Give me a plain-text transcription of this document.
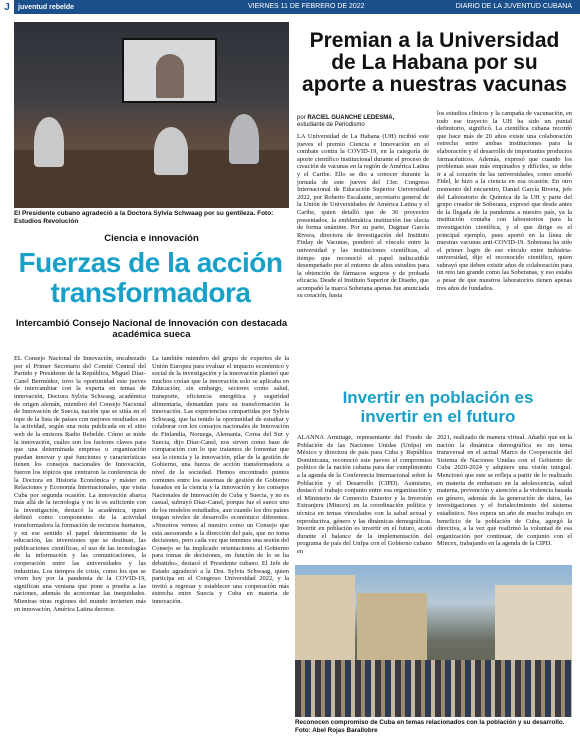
J	juventud rebelde	VIERNES 11 DE FEBRERO DE 2022	DIARIO DE LA JUVENTUD CUBANA
El Presidente cubano agradeció a la Doctora Sylvia Schwaag por su gentileza. Foto: Estudios Revolución
Ciencia e innovación
Fuerzas de la acción transformadora
Intercambió Consejo Nacional de Innovación con destacada académica sueca
EL Consejo Nacional de Innovación, encabezado por el Primer Secretario del Comité Central del Partido y Presidente de la República, Miguel Díaz-Canel Bermúdez, tuvo la oportunidad este jueves de intercambiar con la experta en temas de innovación, Doctora Sylvia Schwaag, académica de origen alemán, miembro del Consejo Nacional de Innovación de Suecia, nación que se sitúa en el tope de la lista de países con mejores resultados en la actividad, según una nota publicada en el sitio web de la emisora Radio Rebelde. Cómo se mide la innovación, cuáles son los factores claves para que una determinada empresa u organización puedan innovar y qué funciones y características tienen los consejos nacionales de Innovación, fueron los tópicos que centraron la conferencia de la Doctora en Historia Económica y máster en Relaciones y Economía Internacionales, que visita Cuba por segunda ocasión. La innovación abarca más allá de la tecnología y no le es suficiente con la investigación, destacó la académica, quien definió como componentes de la actividad transformadora la formación de recursos humanos, y en ese sentido el papel determinante de la educación, las inversiones que se destinan, las publicaciones científicas, el uso de las tecnologías de la información y las comunicaciones, la cooperación entre las universidades y las industrias. Los tiempos de crisis, como los que se viven hoy por la pandemia de la COVID-19, significan una ventana que pone a prueba a las naciones, además de acrecentar las inequidades. Mientras otras regiones del mundo invierten más en innovación, América Latina decrece.
La también miembro del grupo de expertos de la Unión Europea para evaluar el impacto económico y social de la investigación y la innovación planteó que muchos creían que la innovación solo se aplicaba en Educación; sin embargo, sectores como salud, transporte, eficiencia energética y seguridad alimentaria, demandan para su transformación la innovación. Las experiencias compartidas por Sylvia Schwaag, que ha tenido la oportunidad de estudiar y colaborar con los consejos nacionales de Innovación de Finlandia, Noruega, Alemania, Corea del Sur y Suecia, dijo Díaz-Canel, nos sirven como base de comparación con lo que tratamos de fomentar que sea la ciencia y la innovación, pilar de la gestión de Gobierno, una fuerza de acción transformadora a nivel de la sociedad. Hemos encontrado puntos comunes entre los sistemas de gestión de Gobierno basados en la ciencia y la innovación y los consejos Nacionales de Innovación de Cuba y Suecia, y no es casual, subrayó Díaz-Canel, porque fue el sueco uno de los modelos estudiados, aun cuando los dos países tengan niveles de desarrollo económico diferentes. «Nosotros vemos al nuestro como un Consejo que está asesorando a la dirección del país, que no toma decisiones, pero cada vez que tenemos una sesión del Consejo se ha implicado orientaciones al Gobierno para tomas de decisiones, en función de lo se ha debatido», destacó el Presidente cubano. El Jefe de Estado agradeció a la Dra. Sylvia Schwaag, quien participa en el Congreso Universidad 2022, y la invitó a regresar y establecer una cooperación más estrecha entre Suecia y Cuba en materia de innovación.
Premian a la Universidad de La Habana por su aporte a nuestras vacunas
por RACIEL GUANCHE LEDESMA,
estudiante de Periodismo
LA Universidad de La Habana (UH) recibió este jueves el premio Ciencia e Innovación en el combate contra la COVID-19, en la categoría de aporte científico institucional durante el proceso de creación de vacunas en la región de América Latina y el Caribe. Ello se dio a conocer durante la jornada de este jueves del 13er. Congreso Internacional de Educación Superior Universidad 2022, por Roberto Escalante, secretario general de la Unión de Universidades de América Latina y el Caribe, quien detalló que de 36 proyectos presentados, la emblemática institución fue electa de forma unánime. Por su parte, Dagmar García Rivera, directora de Investigación del Instituto Finlay de Vacunas, ponderó el vínculo entre la universidad y las instituciones científicas, al tiempo que reconoció el papel indiscutible desempeñado por el entorno de altos estudios para la obtención de fármacos seguros y de probada eficacia. Desde el Instituto Superior de Diseño, que acompañó la marca Soberana apenas fue anunciada su creación, hasta
los estudios clínicos y la campaña de vacunación, en todo ese trayecto la UH ha sido un puntal definitorio, significó. La científica cubana recordó que hace más de 20 años existe una colaboración estrecha entre ambas instituciones para la elaboración y el desarrollo de importantes productos farmacéuticos. Además, expresó que cuando los problemas sean más empinados y difíciles, se debe ir a al corazón de las universidades, como enseñó Fidel, le hizo a la ciencia en esa ocasión. En otro momento del encuentro, Daniel García Rivera, jefe del Laboratorio de Química de la UH y parte del grupo creador de Soberana, expresó que desde antes de la llegada de la pandemia a nuestro país, ya la institución contaba con laboratorios para la investigación científica, y el que dirige es el principal ejemplo, pues aportó en la línea de nuestras vacunas anti-COVID-19. Soberana ha sido el primer logro de ese vínculo entre industria-universidad, dijo el reconocido científico, quien subrayó que deben existir años de colaboración para un reto tan grande como las Soberanas, y eso estaba a pesar de que nuestros laboratorios tienen apenas tres años de fundados.
Invertir en población es invertir en el futuro
ALANNA Armitage, representante del Fondo de Población de las Naciones Unidas (Unfpa) en México y directora de país para Cuba y República Dominicana, reconoció este jueves el compromiso político de la nación cubana para dar cumplimiento a la agenda de la Conferencia Internacional sobre la Población y el Desarrollo (CIPD). Asimismo, destacó el trabajo conjunto entre esa organización y el Ministerio de Comercio Exterior y la Inversión Extranjera (Mincex) en la coordinación política y técnica en temas vinculados con la salud sexual y reproductiva, género y las dinámicas demográficas. Invertir en población es invertir en el futuro, acotó durante el balance de la implementación del programa de país del Unfpa con el Gobierno cubano en
2021, realizado de manera virtual. Añadió que en la nación la dinámica demográfica es un tema transversal en el actual Marco de Cooperación del Sistema de Naciones Unidas con el Gobierno de Cuba 2020-2024 y adquiere una visión integral. Mencionó que este se refleja a partir de lo realizado en materia de embarazo en la adolescencia, salud materna, prevención y atención a la violencia basada en género, además de la generación de datos, las investigaciones y el fortalecimiento del sistema estadístico. Nos espera un año de mucho trabajo en beneficio de la población de Cuba, agregó la directiva, a la vez que reafirmó la voluntad de esa organización por continuar, de conjunto con el Mincex, trabajando en la agenda de la CIPD.
Reconocen compromiso de Cuba en temas relacionados con la población y su desarrollo. Foto: Abel Rojas Barallobre
